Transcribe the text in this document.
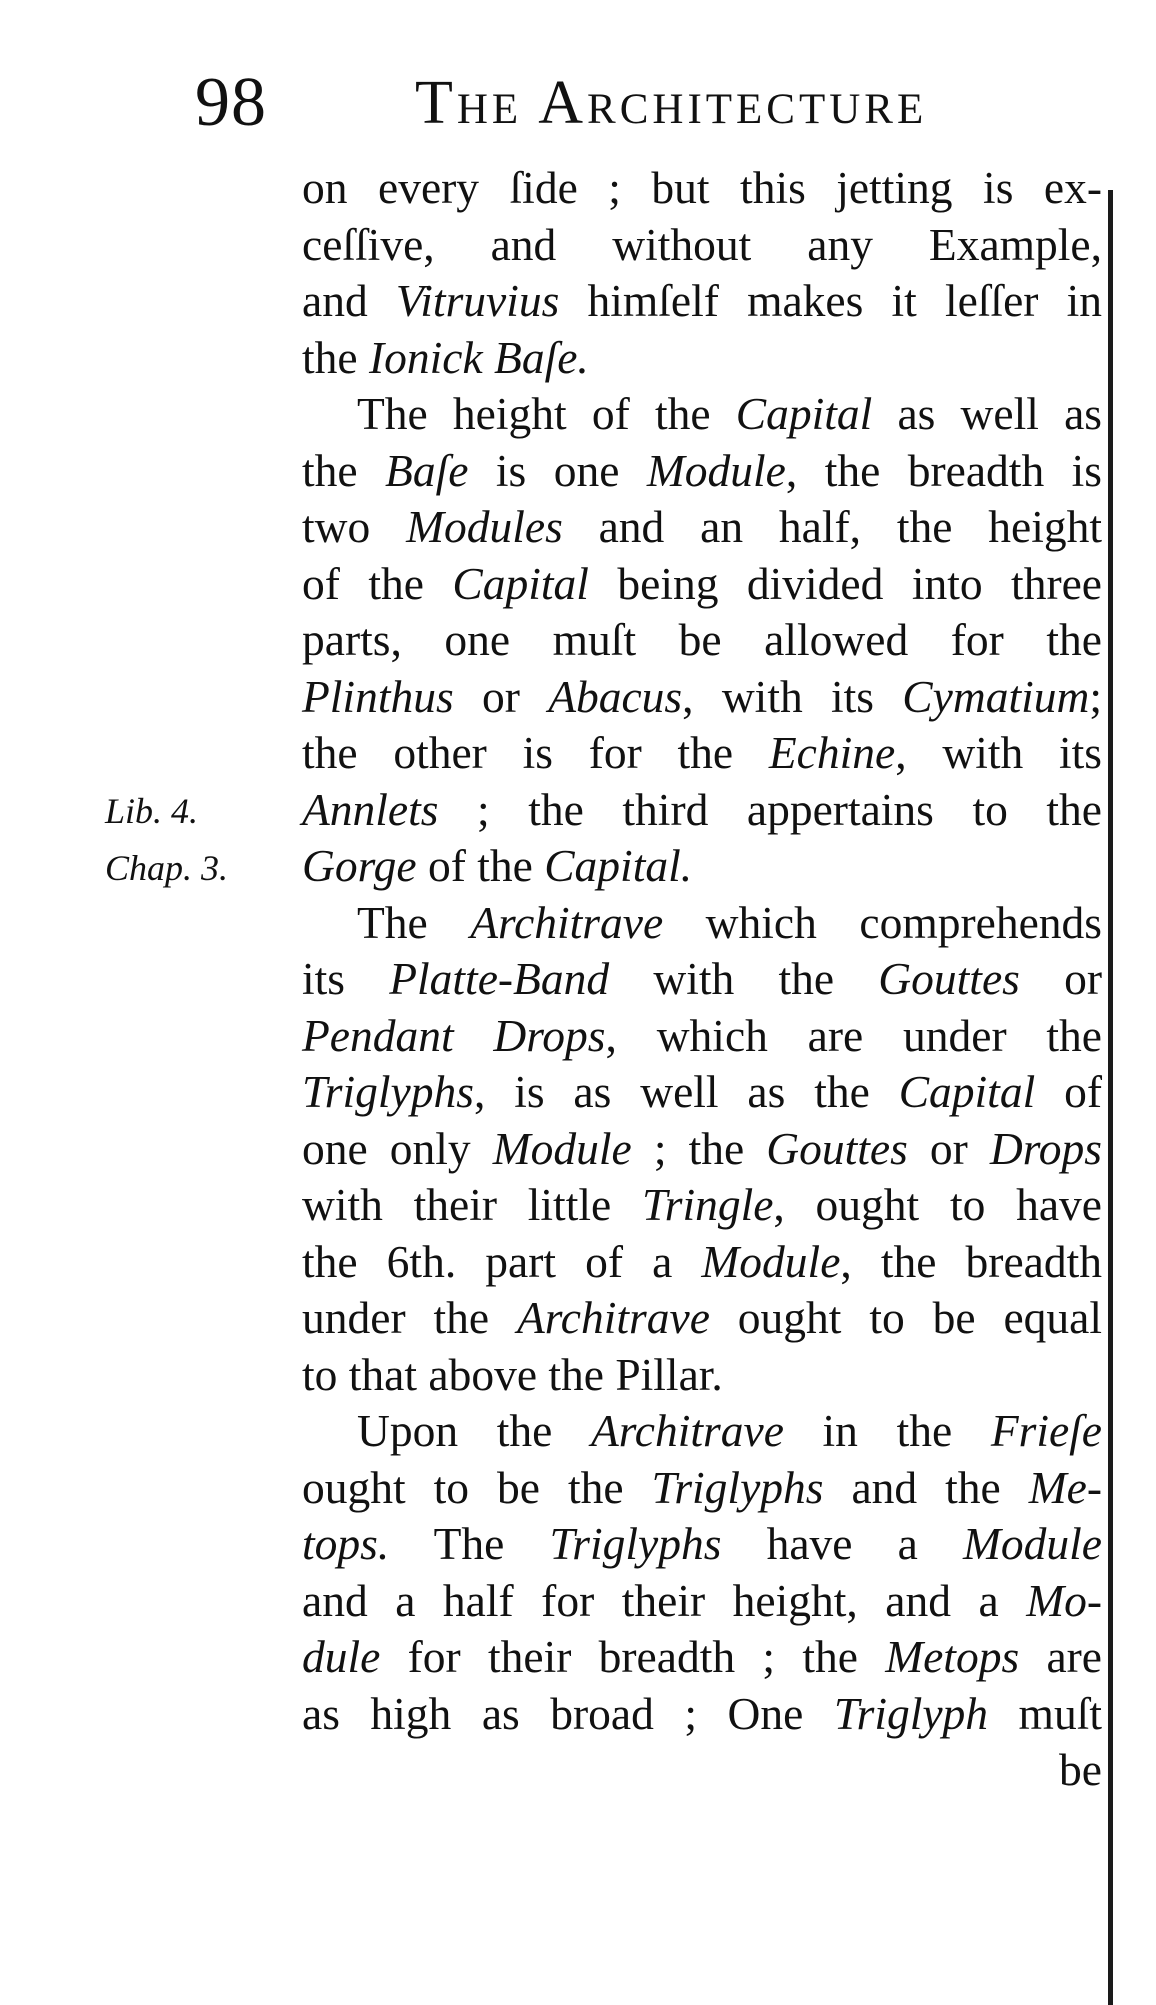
98 The Architecture
Lib. 4.
Chap. 3.
on every ſide ; but this jetting is ex-
ceſſive, and without any Example,
and Vitruvius himſelf makes it leſſer in
the Ionick Baſe.
The height of the Capital as well as
the Baſe is one Module, the breadth is
two Modules and an half, the height
of the Capital being divided into three
parts, one muſt be allowed for the
Plinthus or Abacus, with its Cymatium;
the other is for the Echine, with its
Annlets ; the third appertains to the
Gorge of the Capital.
The Architrave which comprehends
its Platte-Band with the Gouttes or
Pendant Drops, which are under the
Triglyphs, is as well as the Capital of
one only Module ; the Gouttes or Drops
with their little Tringle, ought to have
the 6th. part of a Module, the breadth
under the Architrave ought to be equal
to that above the Pillar.
Upon the Architrave in the Frieſe
ought to be the Triglyphs and the Me-
tops. The Triglyphs have a Module
and a half for their height, and a Mo-
dule for their breadth ; the Metops are
as high as broad ; One Triglyph muſt
be
